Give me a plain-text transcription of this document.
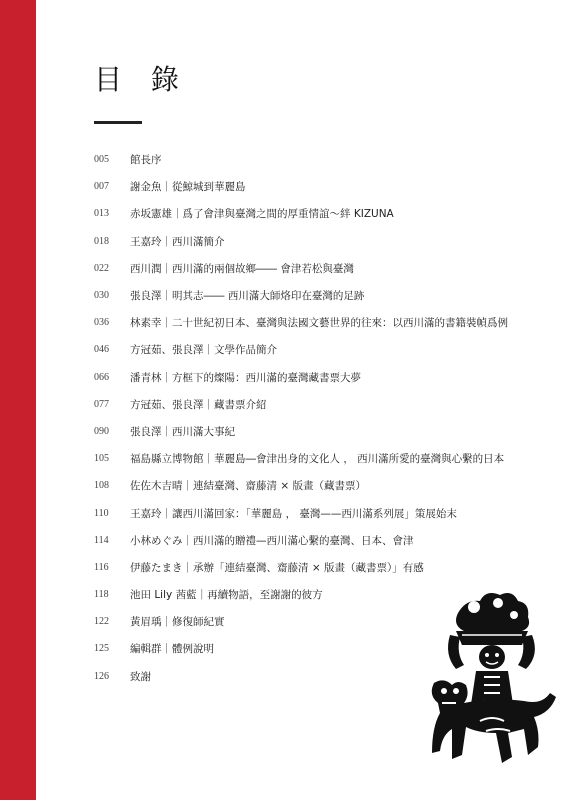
目 錄
005	館長序
007	謝金魚｜從鯨城到華麗島
013	赤坂憲雄｜爲了會津與臺灣之間的厚重情誼～絆 KIZUNA
018	王嘉玲｜西川滿簡介
022	西川潤｜西川滿的兩個故鄉―― 會津若松與臺灣
030	張良澤｜明其志―― 西川滿大師烙印在臺灣的足跡
036	林素幸｜二十世紀初日本、臺灣與法國文藝世界的往來：以西川滿的書籍裝幀爲例
046	方冠茹、張良澤｜文學作品簡介
066	潘青林｜方框下的燦陽：西川滿的臺灣藏書票大夢
077	方冠茹、張良澤｜藏書票介紹
090	張良澤｜西川滿大事紀
105	福島縣立博物館｜華麗島―會津出身的文化人 ， 西川滿所愛的臺灣與心繫的日本
108	佐佐木吉晴｜連結臺灣、齋藤清 × 版畫（藏書票）
110	王嘉玲｜讓西川滿回家：「華麗島 ， 臺灣——西川滿系列展」策展始末
114	小林めぐみ｜西川滿的贈禮—西川滿心繫的臺灣、日本、會津
116	伊藤たまき｜承辦「連結臺灣、齋藤清 × 版畫（藏書票）」有感
118	池田 Lily 茜藍｜再續物語，至謝謝的彼方
122	黃眉瑀｜修復師紀實
125	編輯群｜體例說明
126	致謝
